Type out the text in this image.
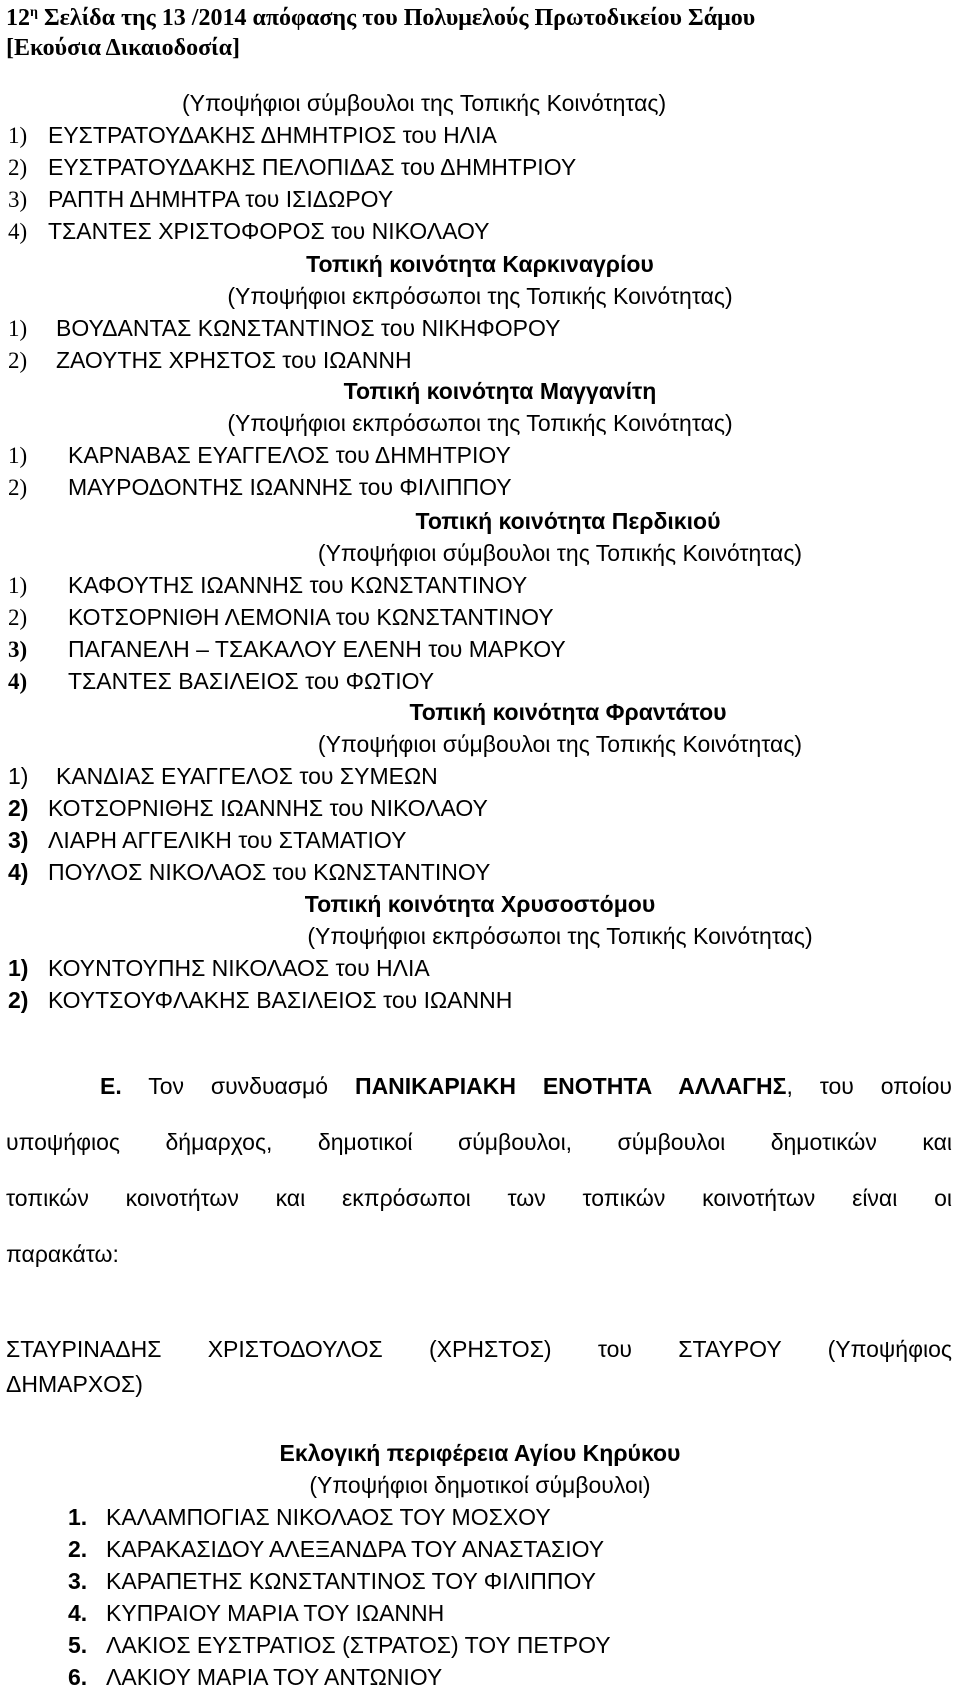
$12^\eta$ Σελίδα της 13 /2014 απόφασης του Πολυμελούς Πρωτοδικείου Σάμου
[Εκούσια Δικαιοδοσία]
(Υποψήφιοι σύμβουλοι της Τοπικής Κοινότητας)
1) ΕΥΣΤΡΑΤΟΥΔΑΚΗΣ ΔΗΜΗΤΡΙΟΣ του ΗΛΙΑ
2) ΕΥΣΤΡΑΤΟΥΔΑΚΗΣ ΠΕΛΟΠΙΔΑΣ του ΔΗΜΗΤΡΙΟΥ
3) ΡΑΠΤΗ ΔΗΜΗΤΡΑ του ΙΣΙΔΩΡΟΥ
4) ΤΣΑΝΤΕΣ ΧΡΙΣΤΟΦΟΡΟΣ του ΝΙΚΟΛΑΟΥ
Τοπική κοινότητα Καρκιναγρίου
(Υποψήφιοι εκπρόσωποι της Τοπικής Κοινότητας)
1) ΒΟΥΔΑΝΤΑΣ ΚΩΝΣΤΑΝΤΙΝΟΣ του ΝΙΚΗΦΟΡΟΥ
2) ΖΑΟΥΤΗΣ ΧΡΗΣΤΟΣ του ΙΩΑΝΝΗ
Τοπική κοινότητα Μαγγανίτη
(Υποψήφιοι εκπρόσωποι της Τοπικής Κοινότητας)
1) ΚΑΡΝΑΒΑΣ ΕΥΑΓΓΕΛΟΣ του ΔΗΜΗΤΡΙΟΥ
2) ΜΑΥΡΟΔΟΝΤΗΣ ΙΩΑΝΝΗΣ του ΦΙΛΙΠΠΟΥ
Τοπική κοινότητα Περδικιού
(Υποψήφιοι σύμβουλοι της Τοπικής Κοινότητας)
1) ΚΑΦΟΥΤΗΣ ΙΩΑΝΝΗΣ του ΚΩΝΣΤΑΝΤΙΝΟΥ
2) ΚΟΤΣΟΡΝΙΘΗ ΛΕΜΟΝΙΑ του ΚΩΝΣΤΑΝΤΙΝΟΥ
3) ΠΑΓΑΝΕΛΗ – ΤΣΑΚΑΛΟΥ ΕΛΕΝΗ του ΜΑΡΚΟΥ
4) ΤΣΑΝΤΕΣ ΒΑΣΙΛΕΙΟΣ του ΦΩΤΙΟΥ
Τοπική κοινότητα Φραντάτου
(Υποψήφιοι σύμβουλοι της Τοπικής Κοινότητας)
1) ΚΑΝΔΙΑΣ ΕΥΑΓΓΕΛΟΣ του ΣΥΜΕΩΝ
2) ΚΟΤΣΟΡΝΙΘΗΣ ΙΩΑΝΝΗΣ του ΝΙΚΟΛΑΟΥ
3) ΛΙΑΡΗ ΑΓΓΕΛΙΚΗ του ΣΤΑΜΑΤΙΟΥ
4) ΠΟΥΛΟΣ ΝΙΚΟΛΑΟΣ του ΚΩΝΣΤΑΝΤΙΝΟΥ
Τοπική κοινότητα Χρυσοστόμου
(Υποψήφιοι εκπρόσωποι της Τοπικής Κοινότητας)
1) ΚΟΥΝΤΟΥΠΗΣ ΝΙΚΟΛΑΟΣ του ΗΛΙΑ
2) ΚΟΥΤΣΟΥΦΛΑΚΗΣ ΒΑΣΙΛΕΙΟΣ του ΙΩΑΝΝΗ
Ε. Τον συνδυασμό ΠΑΝΙΚΑΡΙΑΚΗ ΕΝΟΤΗΤΑ ΑΛΛΑΓΗΣ, του οποίου
υποψήφιος δήμαρχος, δημοτικοί σύμβουλοι, σύμβουλοι δημοτικών και
τοπικών κοινοτήτων και εκπρόσωποι των τοπικών κοινοτήτων είναι οι
παρακάτω:
ΣΤΑΥΡΙΝΑΔΗΣ ΧΡΙΣΤΟΔΟΥΛΟΣ (ΧΡΗΣΤΟΣ) του ΣΤΑΥΡΟΥ (Υποψήφιος
ΔΗΜΑΡΧΟΣ)
Εκλογική περιφέρεια Αγίου Κηρύκου
(Υποψήφιοι δημοτικοί σύμβουλοι)
1. ΚΑΛΑΜΠΟΓΙΑΣ ΝΙΚΟΛΑΟΣ ΤΟΥ ΜΟΣΧΟΥ
2. ΚΑΡΑΚΑΣΙΔΟΥ ΑΛΕΞΑΝΔΡΑ ΤΟΥ ΑΝΑΣΤΑΣΙΟΥ
3. ΚΑΡΑΠΕΤΗΣ ΚΩΝΣΤΑΝΤΙΝΟΣ ΤΟΥ ΦΙΛΙΠΠΟΥ
4. ΚΥΠΡΑΙΟΥ ΜΑΡΙΑ ΤΟΥ ΙΩΑΝΝΗ
5. ΛΑΚΙΟΣ ΕΥΣΤΡΑΤΙΟΣ (ΣΤΡΑΤΟΣ) ΤΟΥ ΠΕΤΡΟΥ
6. ΛΑΚΙΟΥ ΜΑΡΙΑ ΤΟΥ ΑΝΤΩΝΙΟΥ
